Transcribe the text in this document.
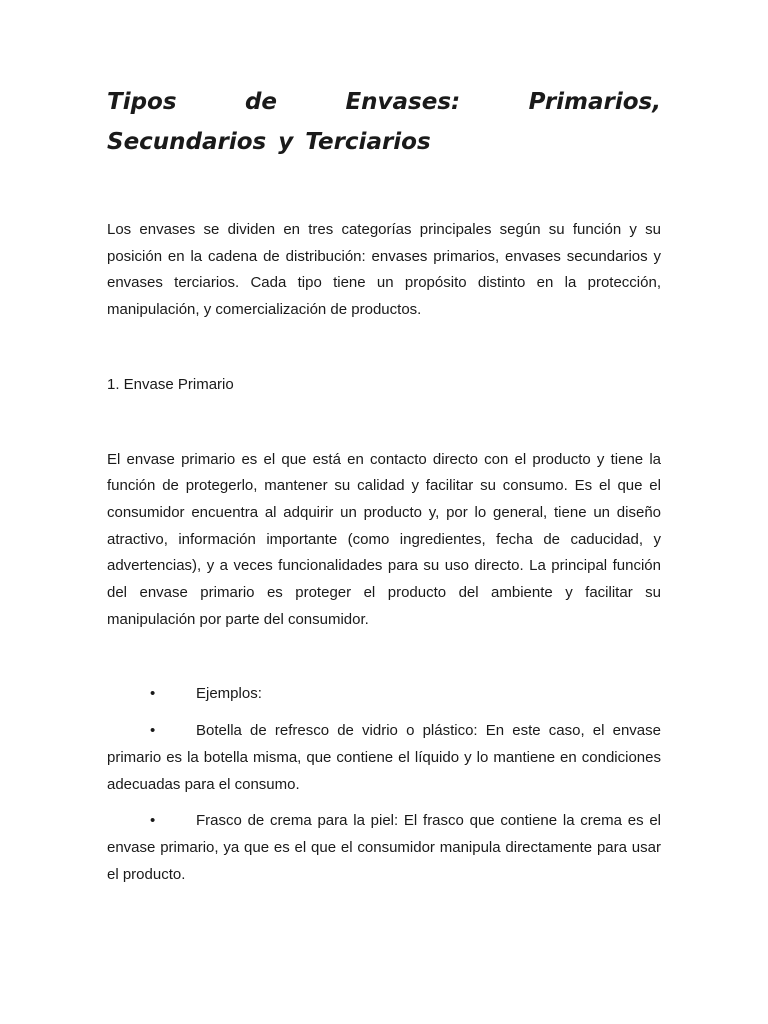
Tipos de Envases: Primarios, Secundarios y Terciarios

Los envases se dividen en tres categorías principales según su función y su posición en la cadena de distribución: envases primarios, envases secundarios y envases terciarios. Cada tipo tiene un propósito distinto en la protección, manipulación, y comercialización de productos.

1. Envase Primario

El envase primario es el que está en contacto directo con el producto y tiene la función de protegerlo, mantener su calidad y facilitar su consumo. Es el que el consumidor encuentra al adquirir un producto y, por lo general, tiene un diseño atractivo, información importante (como ingredientes, fecha de caducidad, y advertencias), y a veces funcionalidades para su uso directo. La principal función del envase primario es proteger el producto del ambiente y facilitar su manipulación por parte del consumidor.

•	Ejemplos:

•	Botella de refresco de vidrio o plástico: En este caso, el envase primario es la botella misma, que contiene el líquido y lo mantiene en condiciones adecuadas para el consumo.

•	Frasco de crema para la piel: El frasco que contiene la crema es el envase primario, ya que es el que el consumidor manipula directamente para usar el producto.
